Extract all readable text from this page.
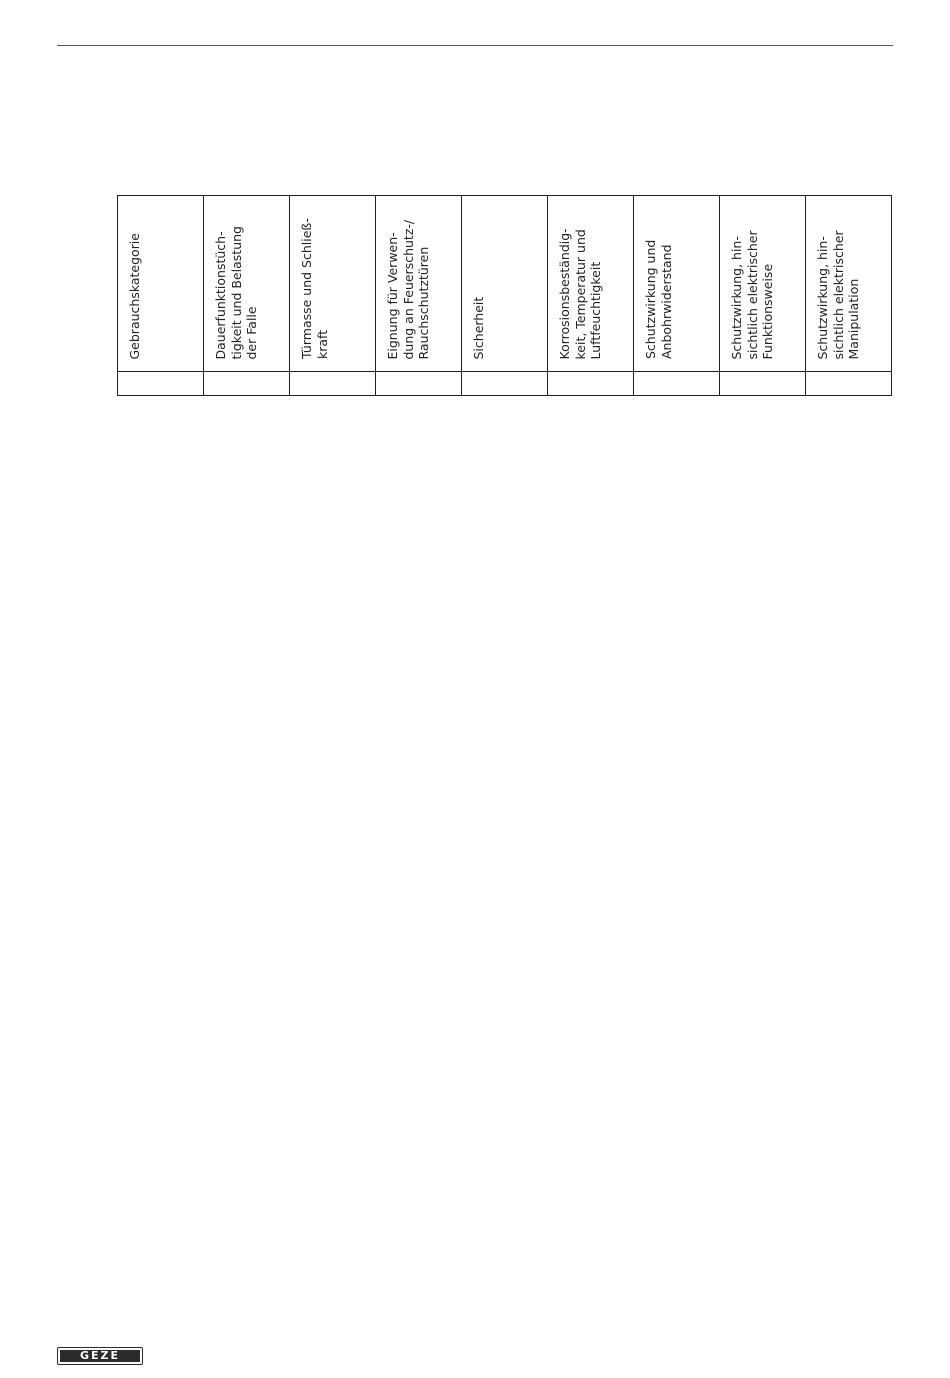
Gebrauchskategorie	Dauerfunktionstüch-
tigkeit und Belastung
der Falle	Türmasse und Schließ-
kraft	Eignung für Verwen-
dung an Feuerschutz-/
Rauchschutztüren	Sicherheit	Korrosionsbeständig-
keit, Temperatur und
Luftfeuchtigkeit	Schutzwirkung und
Anbohrwiderstand	Schutzwirkung, hin-
sichtlich elektrischer
Funktionsweise	Schutzwirkung, hin-
sichtlich elektrischer
Manipulation

GEZE
